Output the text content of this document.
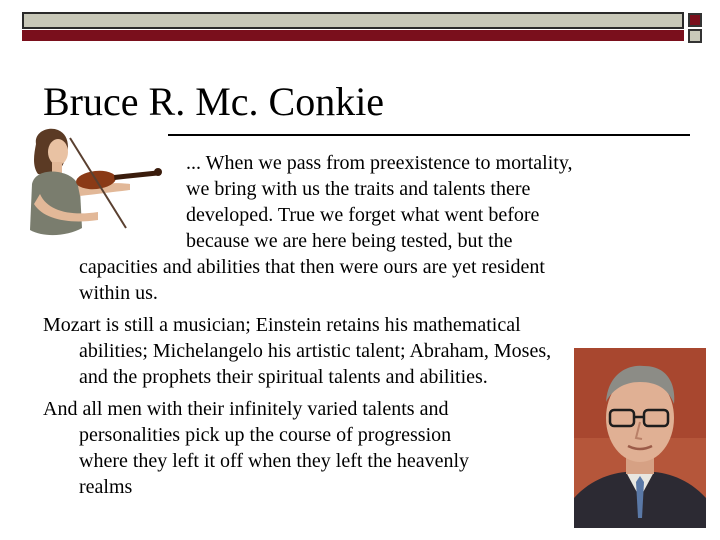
Bruce R. Mc. Conkie
... When we pass from preexistence to mortality,
we bring with us the traits and talents there
developed. True we forget what went before
because we are here being tested, but the
capacities and abilities that then were ours are yet resident
within us.
Mozart is still a musician; Einstein retains his mathematical
abilities; Michelangelo his artistic talent; Abraham, Moses,
and the prophets their spiritual talents and abilities.
And all men with their infinitely varied talents and
personalities pick up the course of progression
where they left it off when they left the heavenly
realms
